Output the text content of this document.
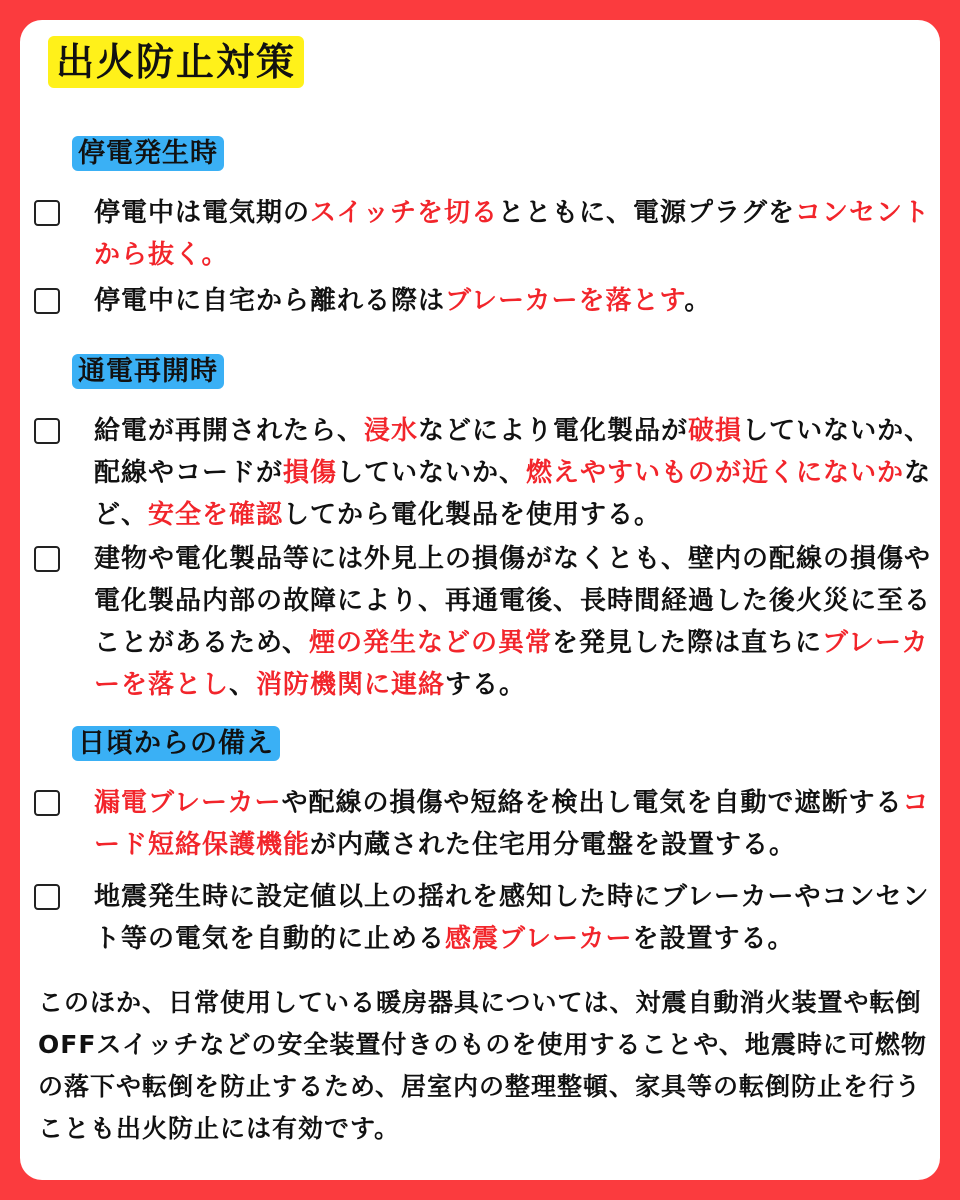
出火防止対策
停電発生時
停電中は電気期のスイッチを切るとともに、電源プラグをコンセントから抜く。
停電中に自宅から離れる際はブレーカーを落とす。
通電再開時
給電が再開されたら、浸水などにより電化製品が破損していないか、配線やコードが損傷していないか、燃えやすいものが近くにないかなど、安全を確認してから電化製品を使用する。
建物や電化製品等には外見上の損傷がなくとも、壁内の配線の損傷や電化製品内部の故障により、再通電後、長時間経過した後火災に至ることがあるため、煙の発生などの異常を発見した際は直ちにブレーカーを落とし、消防機関に連絡する。
日頃からの備え
漏電ブレーカーや配線の損傷や短絡を検出し電気を自動で遮断するコード短絡保護機能が内蔵された住宅用分電盤を設置する。
地震発生時に設定値以上の揺れを感知した時にブレーカーやコンセント等の電気を自動的に止める感震ブレーカーを設置する。
このほか、日常使用している暖房器具については、対震自動消火装置や転倒OFFスイッチなどの安全装置付きのものを使用することや、地震時に可燃物の落下や転倒を防止するため、居室内の整理整頓、家具等の転倒防止を行うことも出火防止には有効です。
